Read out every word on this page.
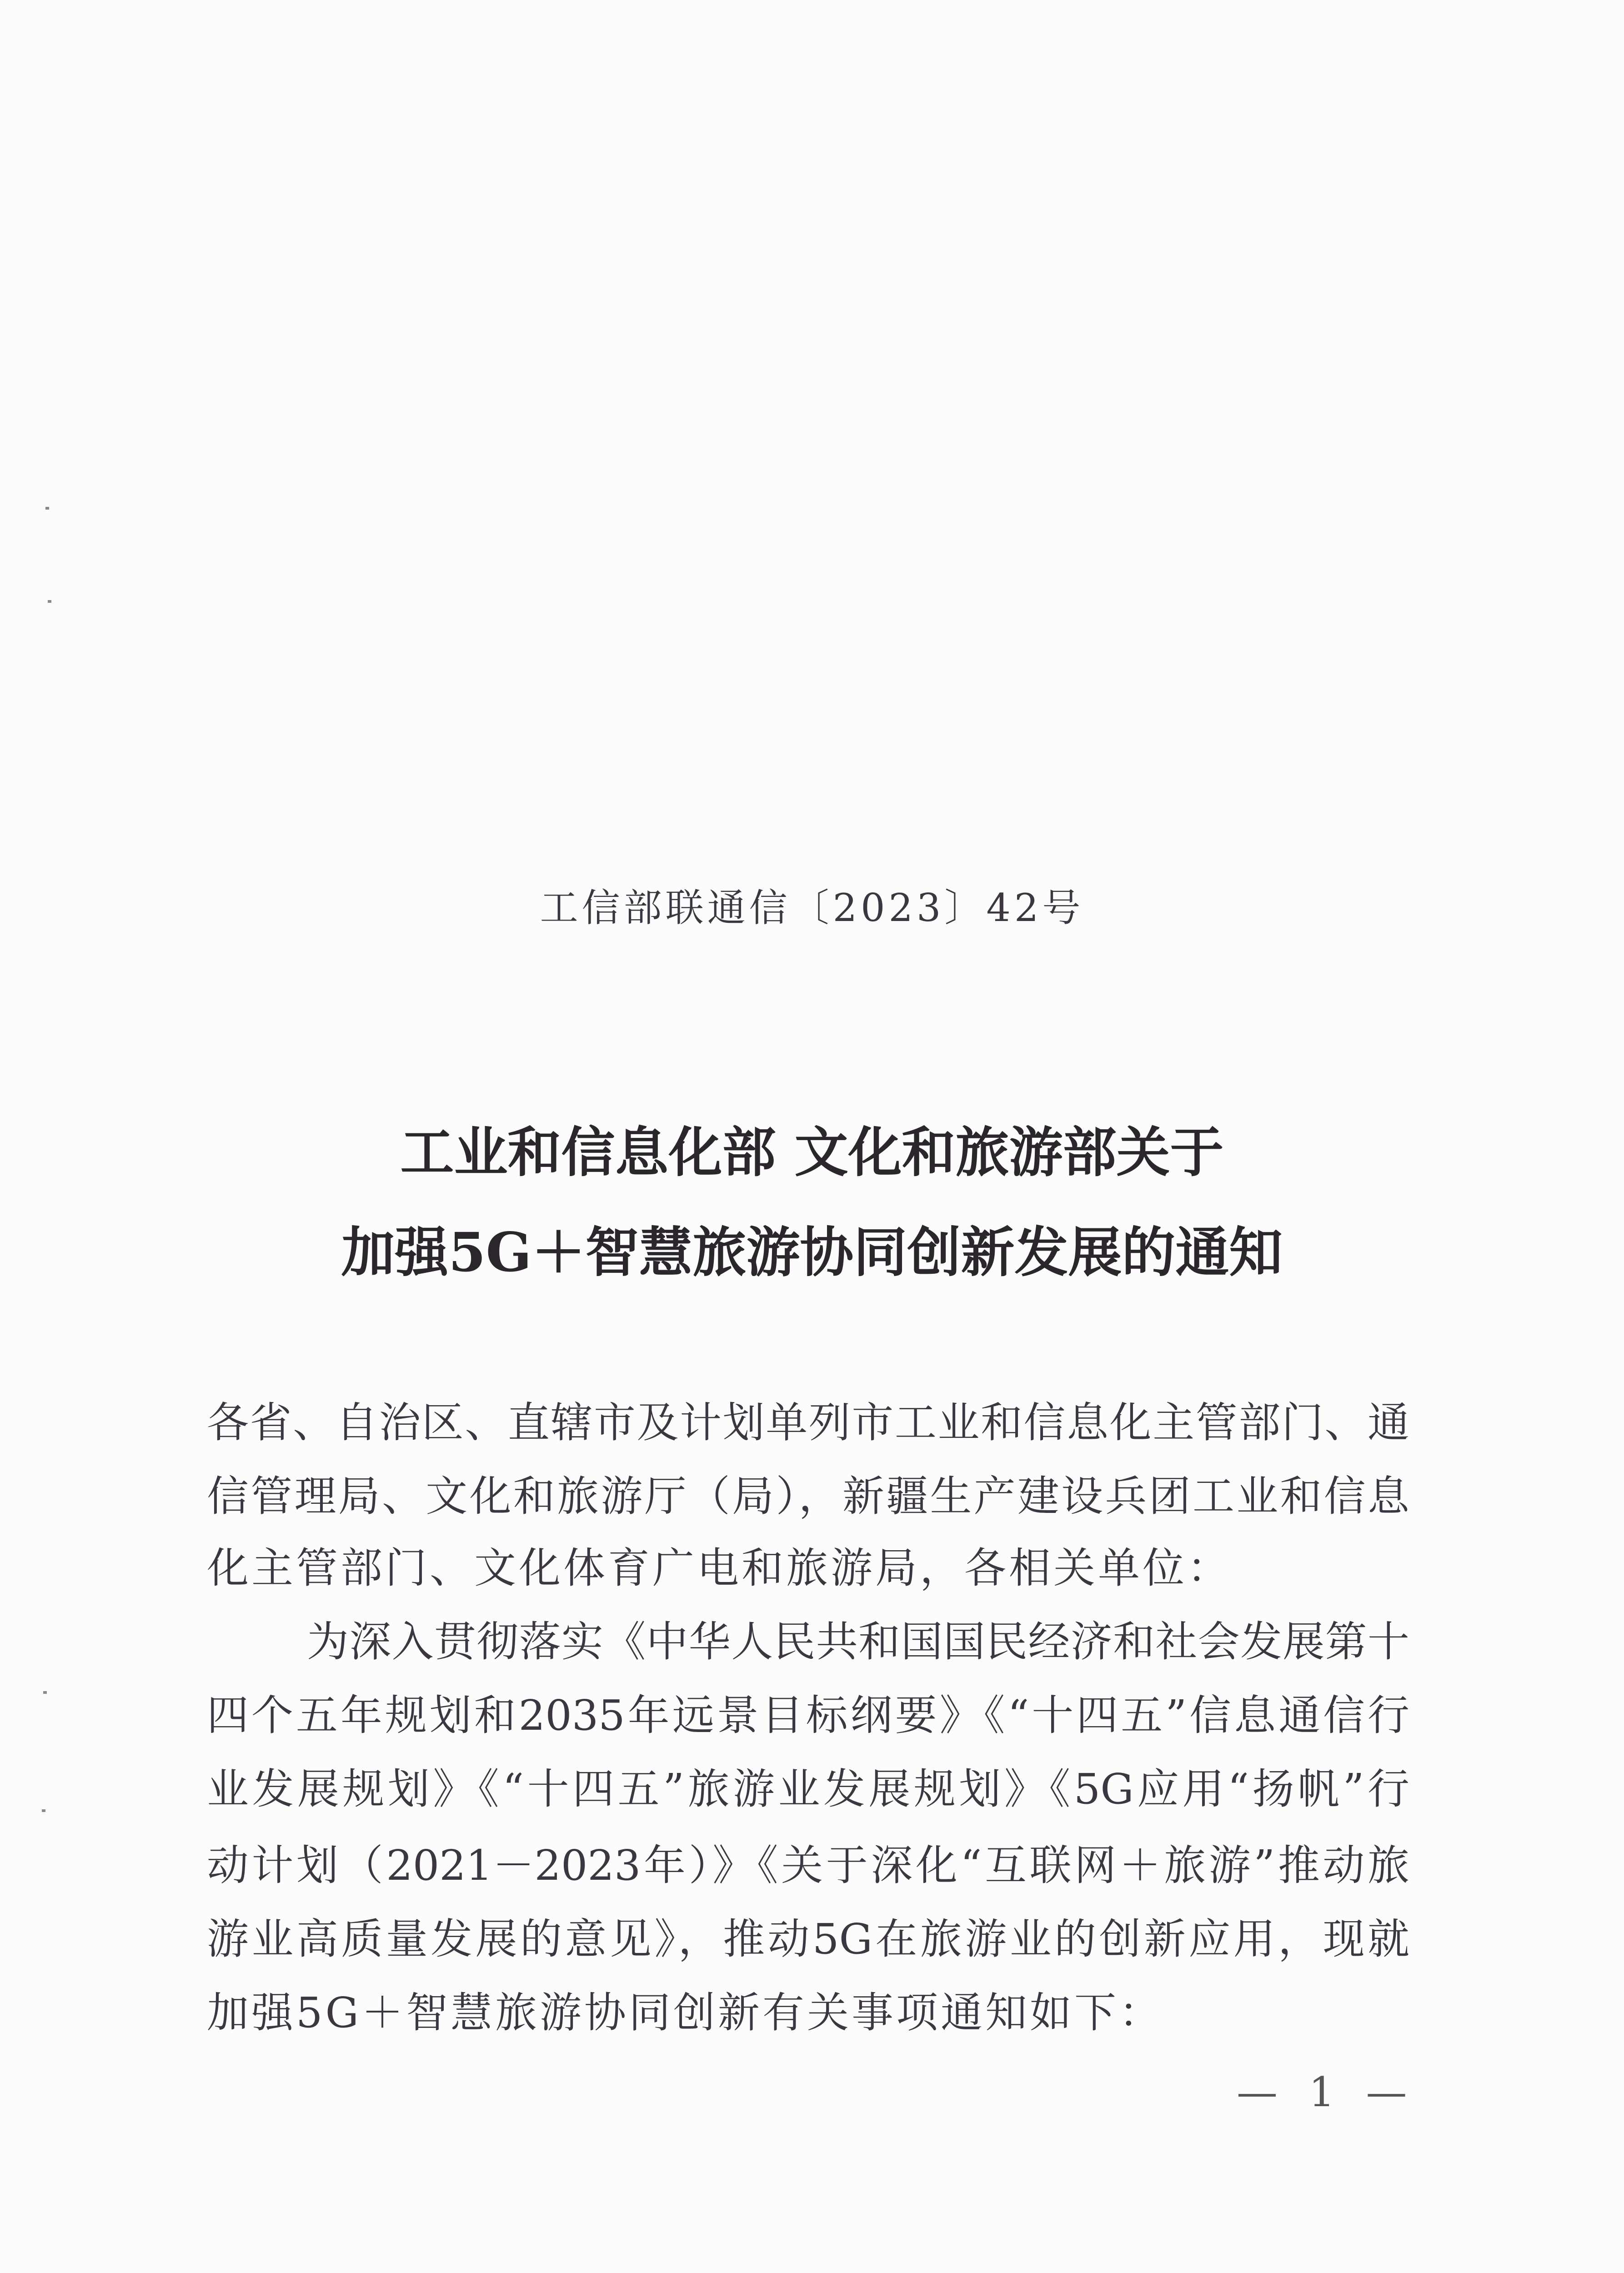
工信部联通信〔2023〕42号
工业和信息化部 文化和旅游部关于
加强5G＋智慧旅游协同创新发展的通知
各省、自治区、直辖市及计划单列市工业和信息化主管部门、通
信管理局、文化和旅游厅（局），新疆生产建设兵团工业和信息
化主管部门、文化体育广电和旅游局，各相关单位：
为深入贯彻落实《中华人民共和国国民经济和社会发展第十
四个五年规划和2035年远景目标纲要》《“十四五”信息通信行
业发展规划》《“十四五”旅游业发展规划》《5G应用“扬帆”行
动计划（2021－2023年）》《关于深化“互联网＋旅游”推动旅
游业高质量发展的意见》，推动5G在旅游业的创新应用，现就
加强5G＋智慧旅游协同创新有关事项通知如下：
— 1 —
